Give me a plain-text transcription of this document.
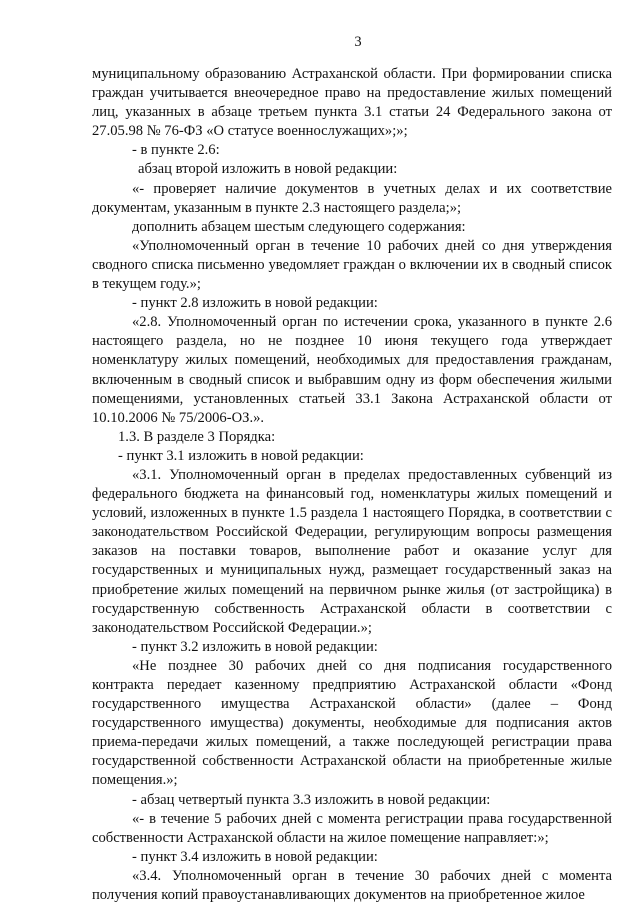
3

муниципальному образованию Астраханской области. При формировании списка граждан учитывается внеочередное право на предоставление жилых помещений лиц, указанных в абзаце третьем пункта 3.1 статьи 24 Федерального закона от 27.05.98 № 76-ФЗ «О статусе военнослужащих»;»;

- в пункте 2.6:

абзац второй изложить в новой редакции:

«- проверяет наличие документов в учетных делах и их соответствие документам, указанным в пункте 2.3 настоящего раздела;»;

дополнить абзацем шестым следующего содержания:

«Уполномоченный орган в течение 10 рабочих дней со дня утверждения сводного списка письменно уведомляет граждан о включении их в сводный список в текущем году.»;

- пункт 2.8 изложить в новой редакции:

«2.8. Уполномоченный орган по истечении срока, указанного в пункте 2.6 настоящего раздела, но не позднее 10 июня текущего года утверждает номенклатуру жилых помещений, необходимых для предоставления гражданам, включенным в сводный список и выбравшим одну из форм обеспечения жилыми помещениями, установленных статьей 33.1 Закона Астраханской области от 10.10.2006 № 75/2006-ОЗ.».

1.3. В разделе 3 Порядка:

- пункт 3.1 изложить в новой редакции:

«3.1. Уполномоченный орган в пределах предоставленных субвенций из федерального бюджета на финансовый год, номенклатуры жилых помещений и условий, изложенных в пункте 1.5 раздела 1 настоящего Порядка, в соответствии с законодательством Российской Федерации, регулирующим вопросы размещения заказов на поставки товаров, выполнение работ и оказание услуг для государственных и муниципальных нужд, размещает государственный заказ на приобретение жилых помещений на первичном рынке жилья (от застройщика) в государственную собственность Астраханской области в соответствии с законодательством Российской Федерации.»;

- пункт 3.2 изложить в новой редакции:

«Не позднее 30 рабочих дней со дня подписания государственного контракта передает казенному предприятию Астраханской области «Фонд государственного имущества Астраханской области» (далее – Фонд государственного имущества) документы, необходимые для подписания актов приема-передачи жилых помещений, а также последующей регистрации права государственной собственности Астраханской области на приобретенные жилые помещения.»;

- абзац четвертый пункта 3.3 изложить в новой редакции:

«- в течение 5 рабочих дней с момента регистрации права государственной собственности Астраханской области на жилое помещение направляет:»;

- пункт 3.4 изложить в новой редакции:

«3.4. Уполномоченный орган в течение 30 рабочих дней с момента получения копий правоустанавливающих документов на приобретенное жилое
